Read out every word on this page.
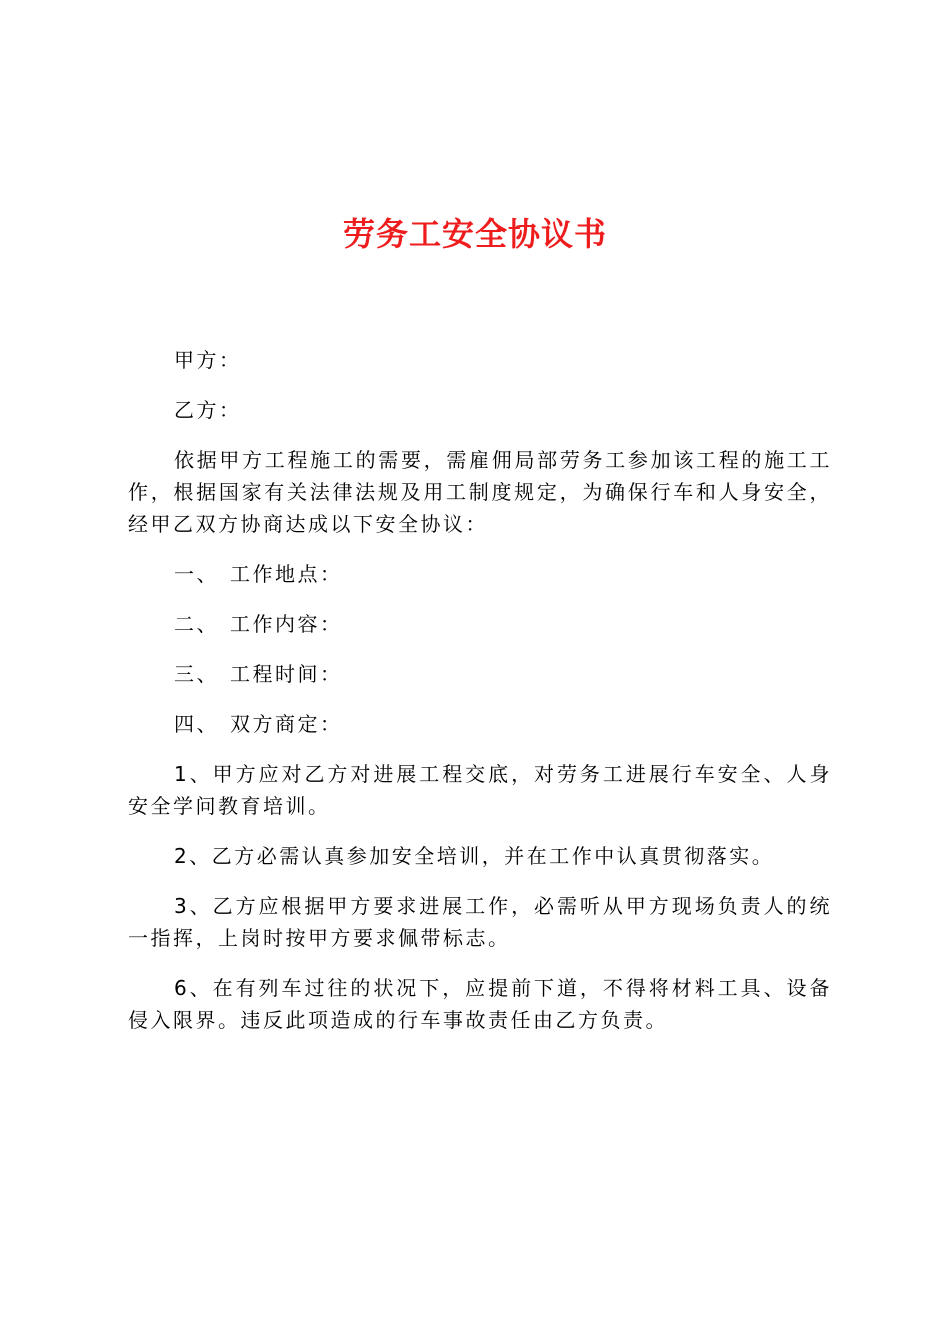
劳务工安全协议书

甲方：

乙方：

依据甲方工程施工的需要，需雇佣局部劳务工参加该工程的施工工作，根据国家有关法律法规及用工制度规定，为确保行车和人身安全，经甲乙双方协商达成以下安全协议：

一、 工作地点：
二、 工作内容：
三、 工程时间：
四、 双方商定：

1、甲方应对乙方对进展工程交底，对劳务工进展行车安全、人身安全学问教育培训。

2、乙方必需认真参加安全培训，并在工作中认真贯彻落实。

3、乙方应根据甲方要求进展工作，必需听从甲方现场负责人的统一指挥，上岗时按甲方要求佩带标志。

6、在有列车过往的状况下，应提前下道，不得将材料工具、设备侵入限界。违反此项造成的行车事故责任由乙方负责。
